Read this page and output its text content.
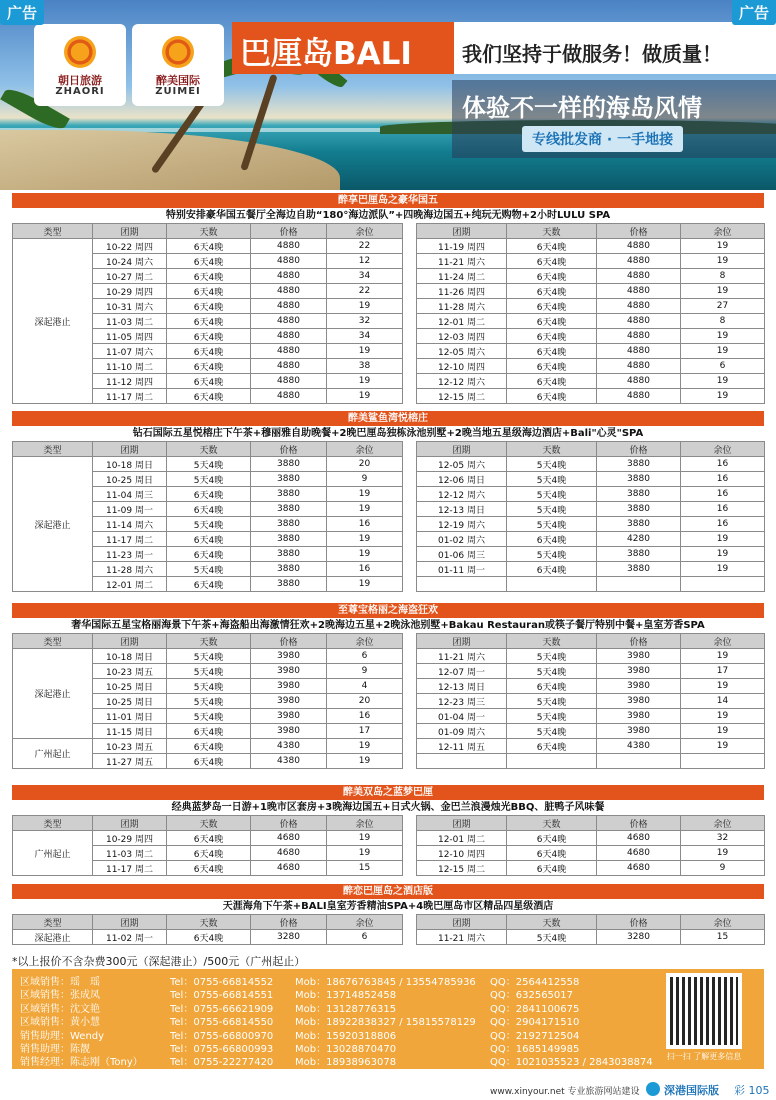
广告	广告
朝日旅游
ZHAORI
醉美国际
ZUIMEI
巴厘岛BALI	我们坚持于做服务！做质量！
体验不一样的海岛风情
专线批发商 · 一手地接
醉享巴厘岛之豪华国五
特别安排豪华国五餐厅全海边自助“180°海边派队”+四晚海边国五+纯玩无购物+2小时LULU SPA
类型	团期	天数	价格	余位
深起港止	10-22 周四	6天4晚	4880	22
	10-24 周六	6天4晚	4880	12
	10-27 周二	6天4晚	4880	34
	10-29 周四	6天4晚	4880	22
	10-31 周六	6天4晚	4880	19
	11-03 周二	6天4晚	4880	32
	11-05 周四	6天4晚	4880	34
	11-07 周六	6天4晚	4880	19
	11-10 周二	6天4晚	4880	38
	11-12 周四	6天4晚	4880	19
	11-17 周二	6天4晚	4880	19
团期	天数	价格	余位
11-19 周四	6天4晚	4880	19
11-21 周六	6天4晚	4880	19
11-24 周二	6天4晚	4880	8
11-26 周四	6天4晚	4880	19
11-28 周六	6天4晚	4880	27
12-01 周二	6天4晚	4880	8
12-03 周四	6天4晚	4880	19
12-05 周六	6天4晚	4880	19
12-10 周四	6天4晚	4880	6
12-12 周六	6天4晚	4880	19
12-15 周二	6天4晚	4880	19
醉美鲨鱼湾悦榕庄
钻石国际五星悦榕庄下午茶+穆丽雅自助晚餐+2晚巴厘岛独栋泳池别墅+2晚当地五星级海边酒店+Bali"心灵"SPA
类型	团期	天数	价格	余位
深起港止	10-18 周日	5天4晚	3880	20
	10-25 周日	5天4晚	3880	9
	11-04 周三	6天4晚	3880	19
	11-09 周一	6天4晚	3880	19
	11-14 周六	5天4晚	3880	16
	11-17 周二	6天4晚	3880	19
	11-23 周一	6天4晚	3880	19
	11-28 周六	5天4晚	3880	16
	12-01 周二	6天4晚	3880	19
团期	天数	价格	余位
12-05 周六	5天4晚	3880	16
12-06 周日	5天4晚	3880	16
12-12 周六	5天4晚	3880	16
12-13 周日	5天4晚	3880	16
12-19 周六	5天4晚	3880	16
01-02 周六	6天4晚	4280	19
01-06 周三	5天4晚	3880	19
01-11 周一	6天4晚	3880	19

至尊宝格丽之海盗狂欢
奢华国际五星宝格丽海景下午茶+海盗船出海激情狂欢+2晚海边五星+2晚泳池别墅+Bakau Restauran或筷子餐厅特别中餐+皇室芳香SPA
类型	团期	天数	价格	余位
深起港止	10-18 周日	5天4晚	3980	6
	10-23 周五	5天4晚	3980	9
	10-25 周日	5天4晚	3980	4
	10-25 周日	5天4晚	3980	20
	11-01 周日	5天4晚	3980	16
	11-15 周日	6天4晚	3980	17
广州起止	10-23 周五	6天4晚	4380	19
	11-27 周五	6天4晚	4380	19
团期	天数	价格	余位
11-21 周六	5天4晚	3980	19
12-07 周一	5天4晚	3980	17
12-13 周日	6天4晚	3980	19
12-23 周三	5天4晚	3980	14
01-04 周一	5天4晚	3980	19
01-09 周六	5天4晚	3980	19
12-11 周五	6天4晚	4380	19

醉美双岛之蓝梦巴厘
经典蓝梦岛一日游+1晚市区套房+3晚海边国五+日式火锅、金巴兰浪漫烛光BBQ、脏鸭子风味餐
类型	团期	天数	价格	余位
广州起止	10-29 周四	6天4晚	4680	19
	11-03 周二	6天4晚	4680	19
	11-17 周二	6天4晚	4680	15
团期	天数	价格	余位
12-01 周二	6天4晚	4680	32
12-10 周四	6天4晚	4680	19
12-15 周二	6天4晚	4680	9
醉恋巴厘岛之酒店版
天涯海角下午茶+BALI皇室芳香精油SPA+4晚巴厘岛市区精品四星级酒店
类型	团期	天数	价格	余位
深起港止	11-02 周一	6天4晚	3280	6
团期	天数	价格	余位
11-21 周六	5天4晚	3280	15
*以上报价不含杂费300元（深起港止）/500元（广州起止）
区域销售：瑶　瑶	Tel：0755-66814552 Mob：18676763845 / 13554785936 QQ：2564412558
区域销售：张成凤	Tel：0755-66814551 Mob：13714852458	QQ：632565017
区域销售：沈文艳	Tel：0755-66621909 Mob：13128776315	QQ：2841100675
区域销售：黄小慧	Tel：0755-66814550 Mob：18922838327 / 15815578129 QQ：2904171510
销售助理：Wendy	Tel：0755-66800970 Mob：15920318806	QQ：2192712504
销售助理：陈靓	Tel：0755-66800993 Mob：13028870470	QQ：1685149985
销售经理：陈志刚（Tony）	Tel：0755-22277420 Mob：18938963078	QQ：1021035523 / 2843038874
扫一扫 了解更多信息
www.xinyour.net 专业旅游网站建设 深港国际版 彩 105
